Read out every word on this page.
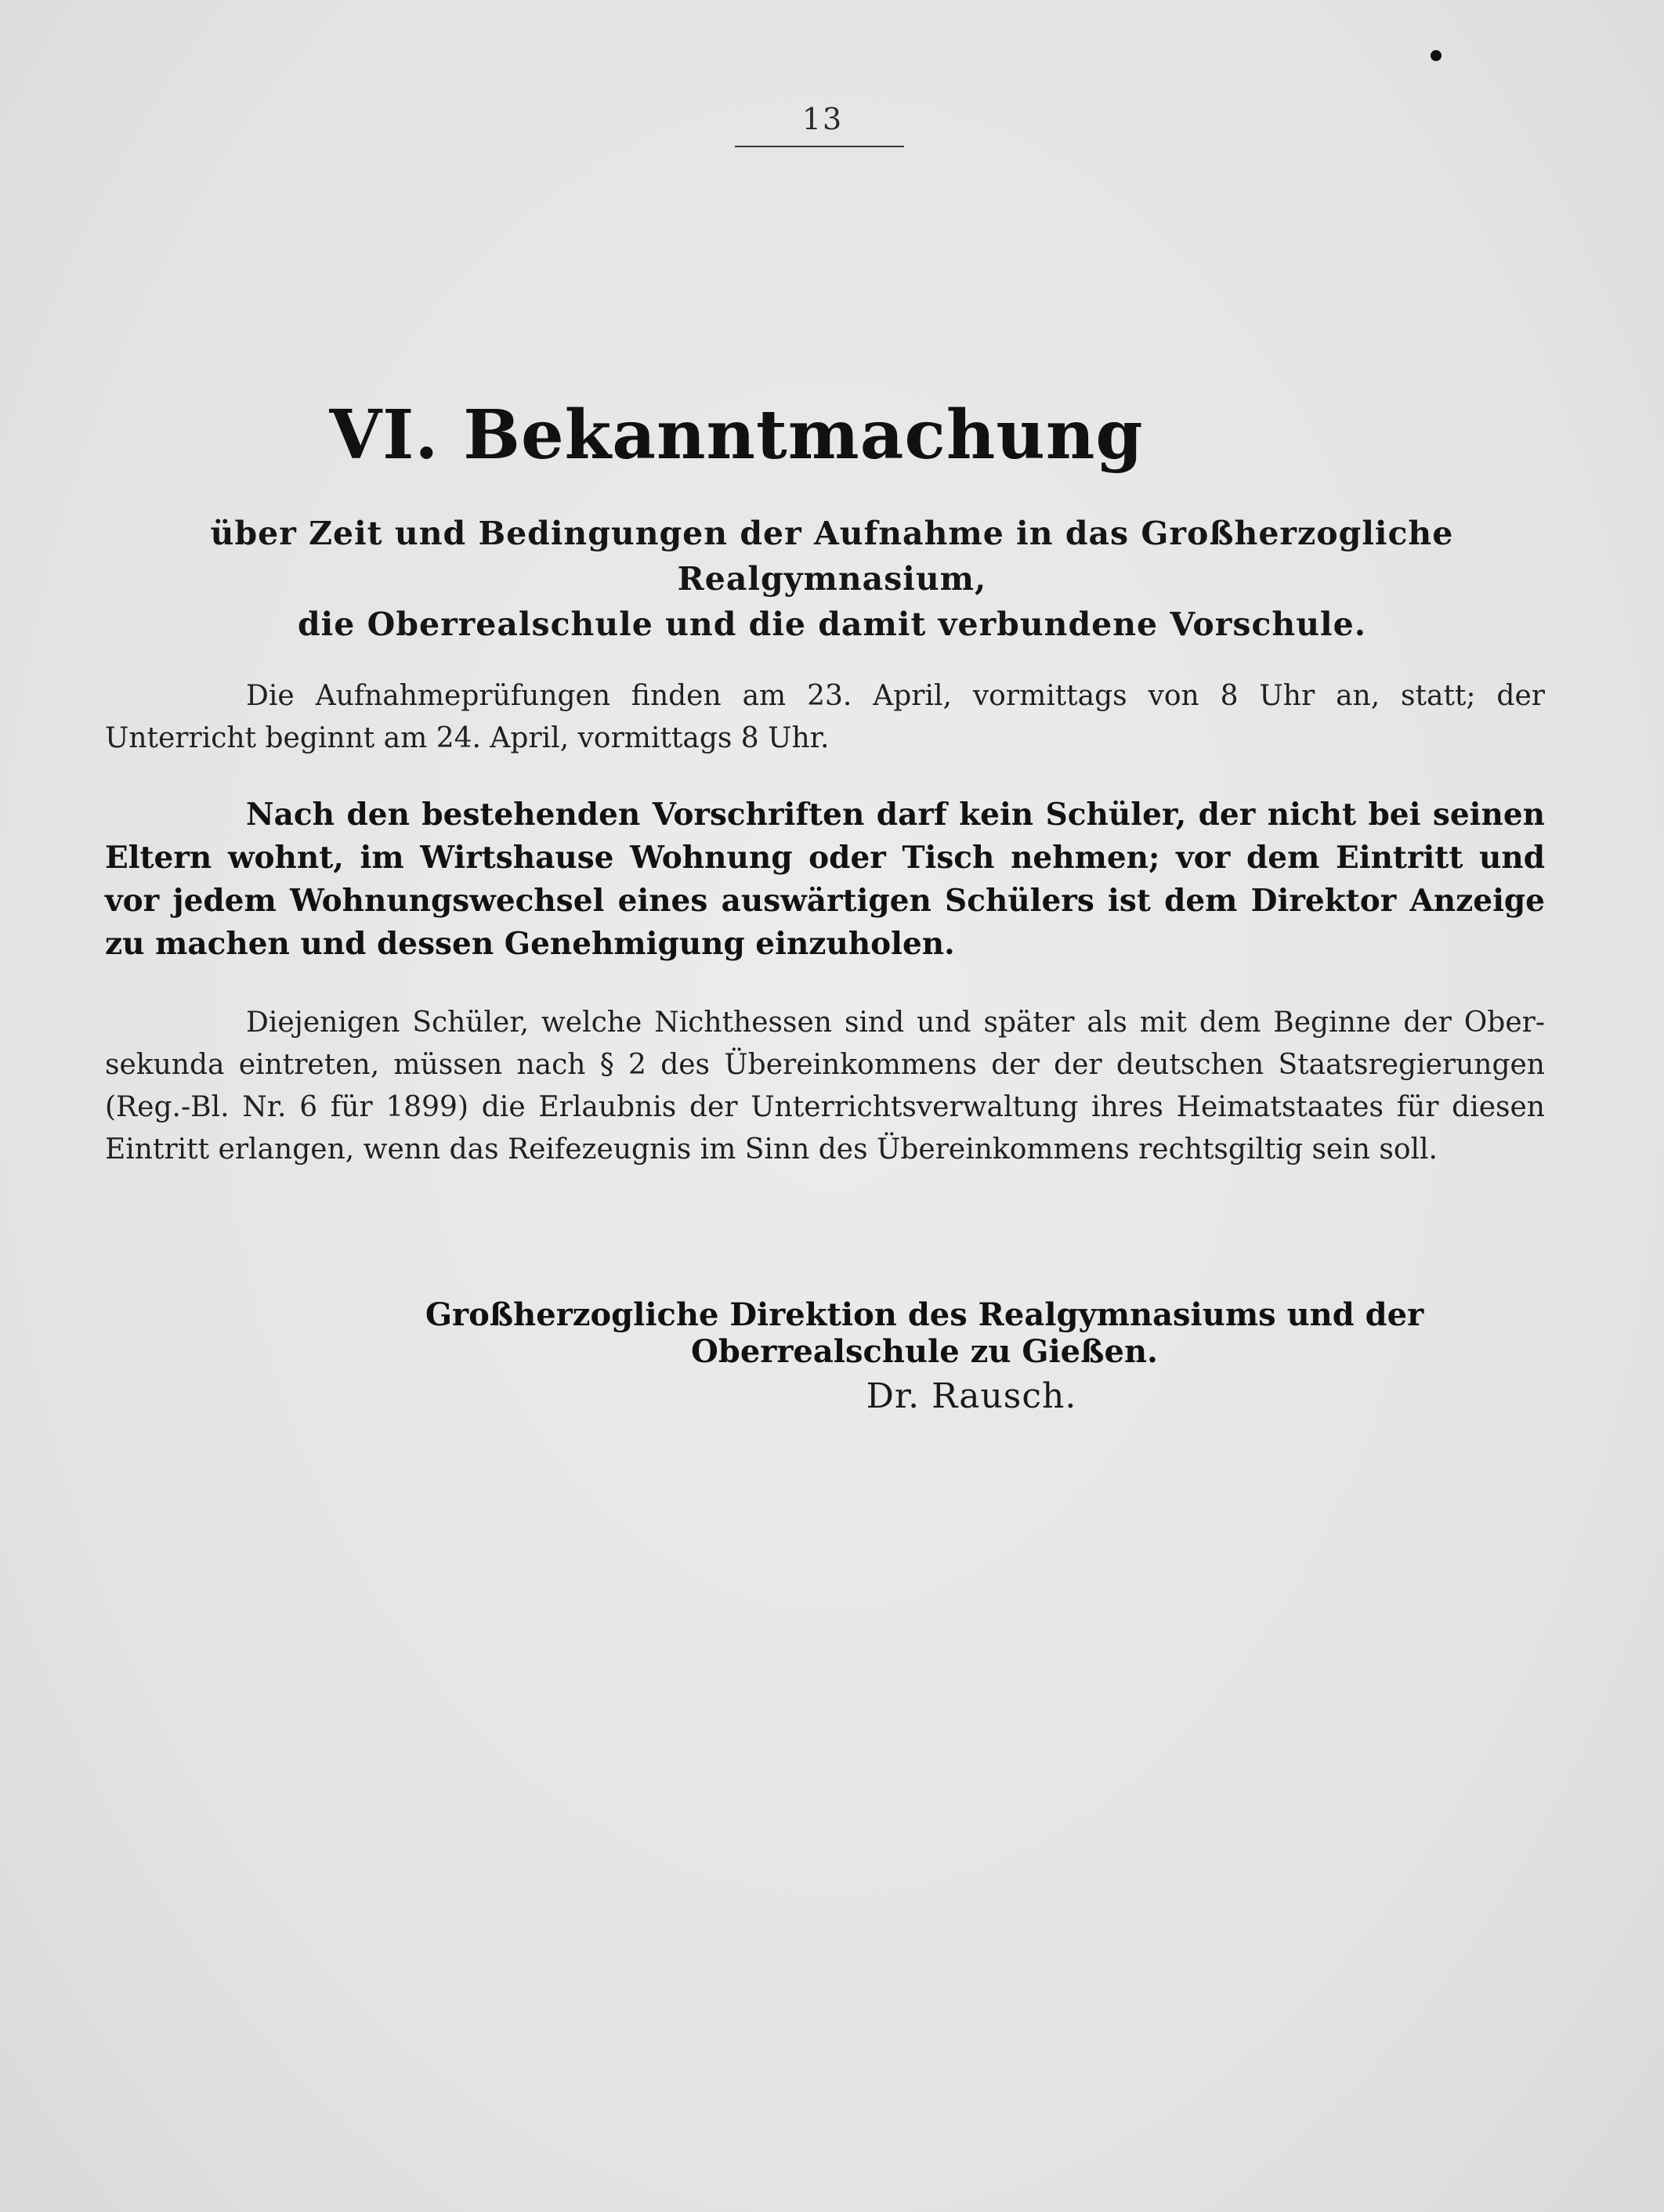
13
VI. Bekanntmachung
über Zeit und Bedingungen der Aufnahme in das Großherzogliche Realgymnasium,
die Oberrealschule und die damit verbundene Vorschule.
Die Aufnahmeprüfungen finden am 23. April, vormittags von 8 Uhr an, statt; der Unterricht beginnt am 24. April, vormittags 8 Uhr.
Nach den bestehenden Vorschriften darf kein Schüler, der nicht bei seinen Eltern wohnt, im Wirtshause Wohnung oder Tisch nehmen; vor dem Eintritt und vor jedem Wohnungswechsel eines auswärtigen Schülers ist dem Direktor Anzeige zu machen und dessen Genehmigung einzuholen.
Diejenigen Schüler, welche Nichthessen sind und später als mit dem Beginne der Ober-sekunda eintreten, müssen nach § 2 des Übereinkommens der der deutschen Staatsregierungen (Reg.-Bl. Nr. 6 für 1899) die Erlaubnis der Unterrichtsverwaltung ihres Heimatstaates für diesen Eintritt erlangen, wenn das Reifezeugnis im Sinn des Übereinkommens rechtsgiltig sein soll.
Großherzogliche Direktion des Realgymnasiums und der Oberrealschule zu Gießen.
Dr. Rausch.
